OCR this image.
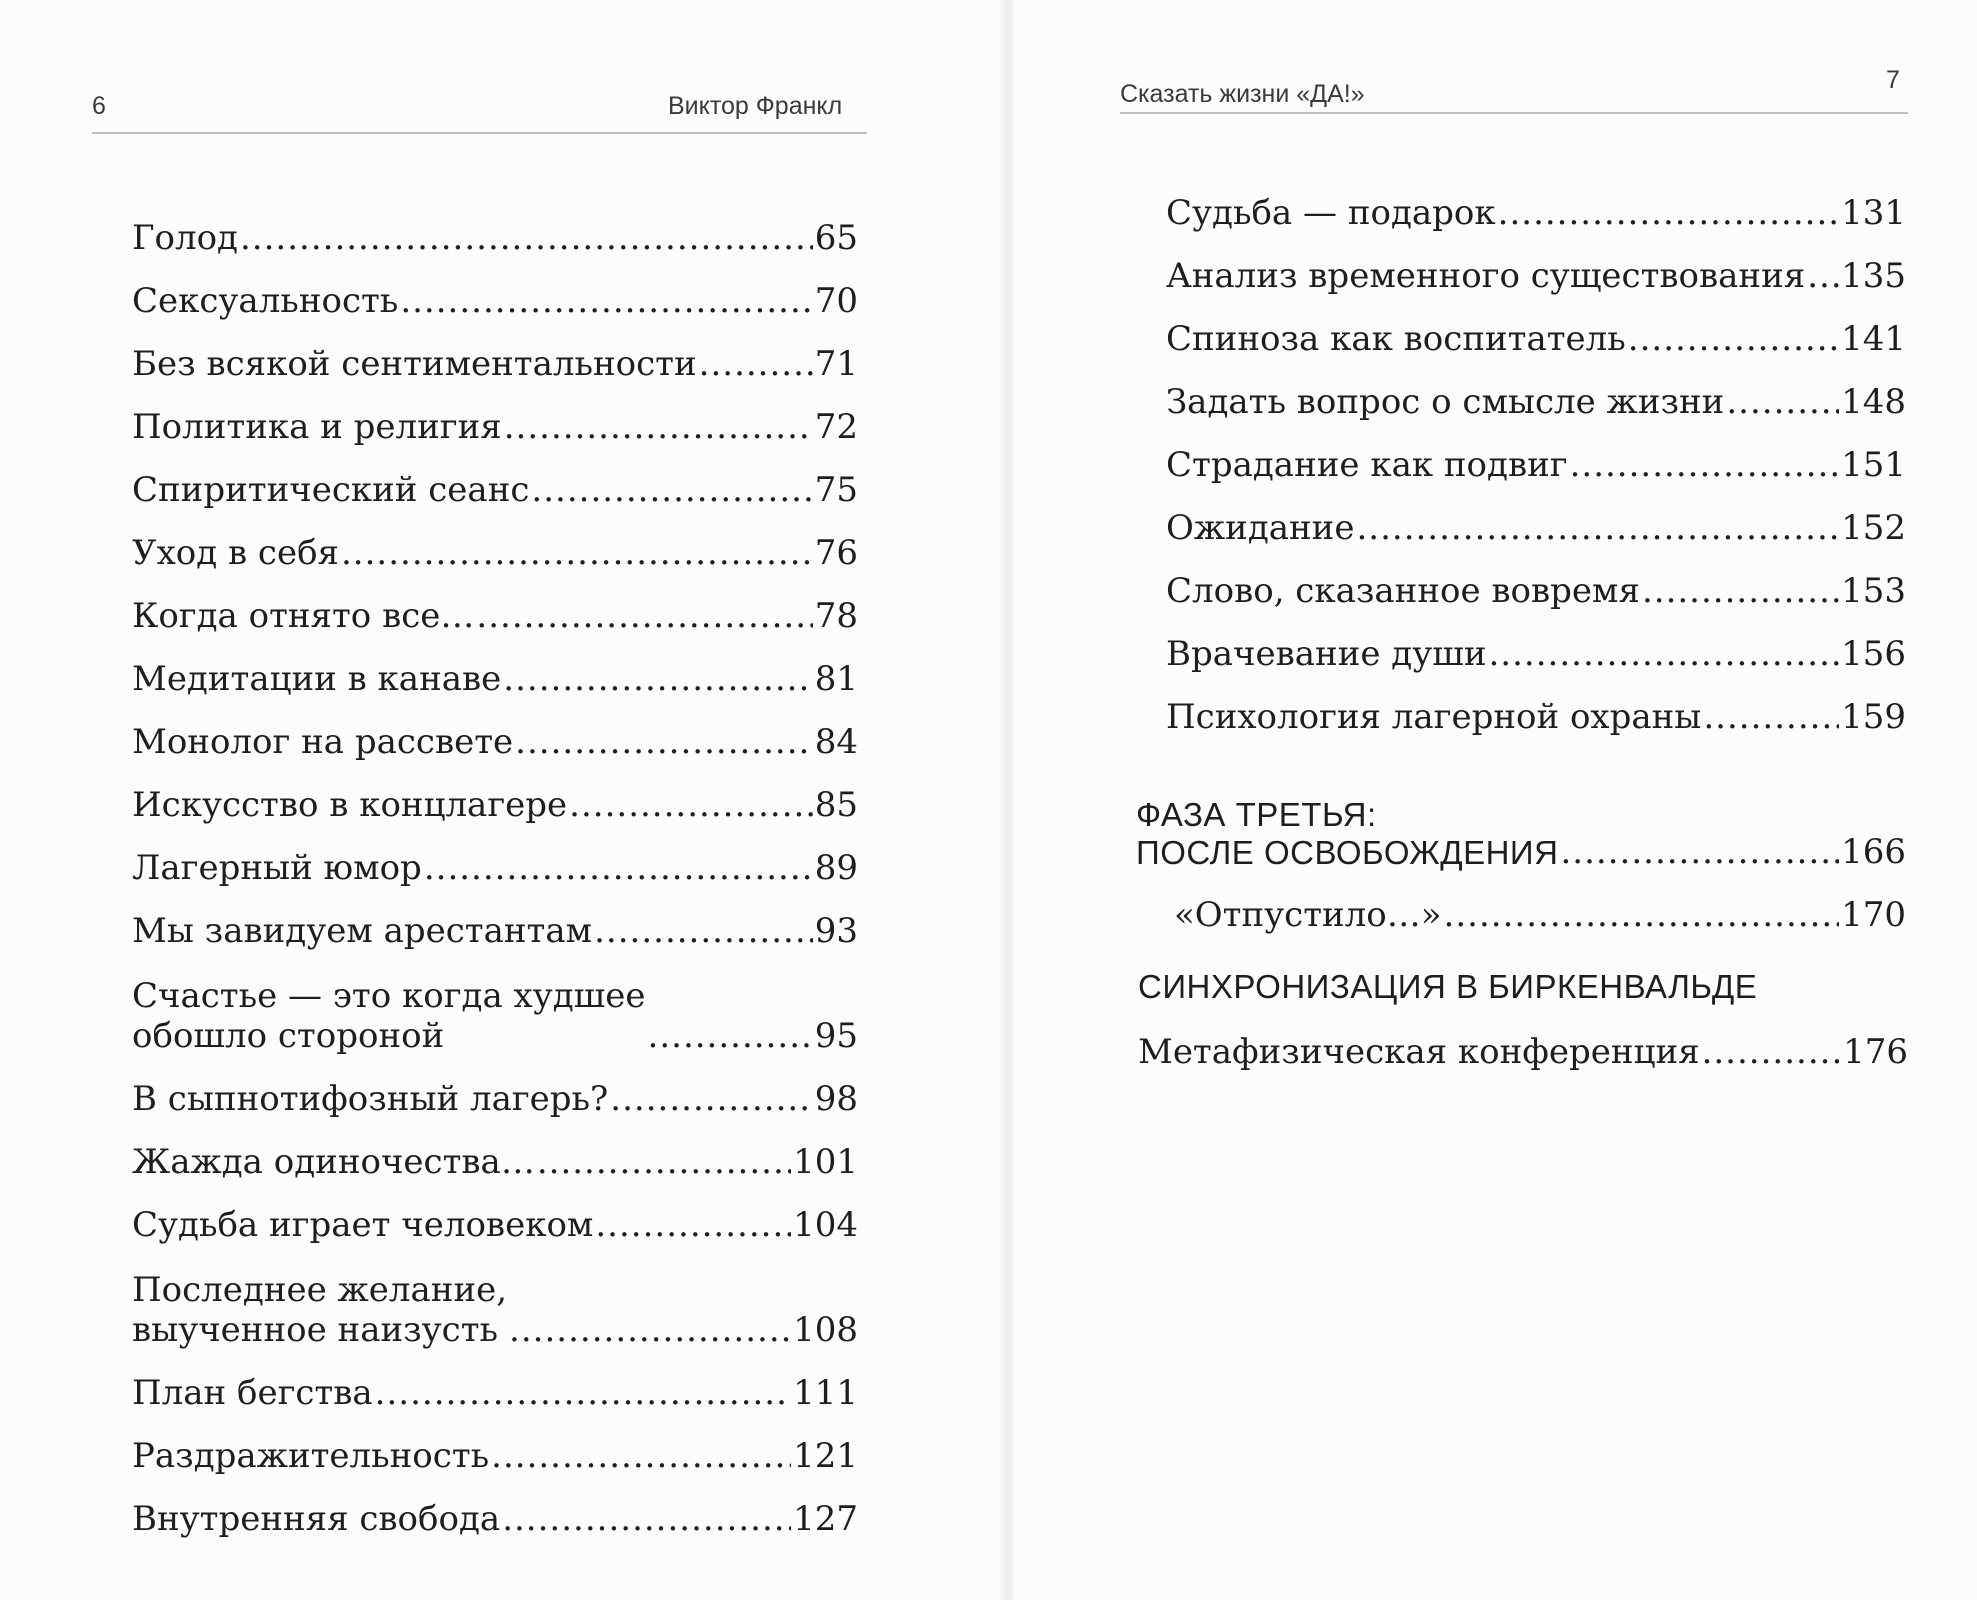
6	Виктор Франкл
Голод .....	65
Сексуальность .....	70
Без всякой сентиментальности .....	71
Политика и религия .....	72
Спиритический сеанс .....	75
Уход в себя .....	76
Когда отнято все… .....	78
Медитации в канаве .....	81
Монолог на рассвете .....	84
Искусство в концлагере .....	85
Лагерный юмор .....	89
Мы завидуем арестантам .....	93
Счастье — это когда худшее
обошло стороной .....	95
В сыпнотифозный лагерь? .....	98
Жажда одиночества… .....	101
Судьба играет человеком .....	104
Последнее желание,
выученное наизусть .....	108
План бегства .....	111
Раздражительность .....	121
Внутренняя свобода .....	127
Сказать жизни «ДА!»	7
Судьба — подарок .....	131
Анализ временного существования ..... 135
Спиноза как воспитатель .....	141
Задать вопрос о смысле жизни .....	148
Страдание как подвиг .....	151
Ожидание .....	152
Слово, сказанное вовремя .....	153
Врачевание души .....	156
Психология лагерной охраны .....	159
ФАЗА ТРЕТЬЯ:
ПОСЛЕ ОСВОБОЖДЕНИЯ .....	166
«Отпустило…» .....	170
СИНХРОНИЗАЦИЯ В БИРКЕНВАЛЬДЕ
Метафизическая конференция .....	176
